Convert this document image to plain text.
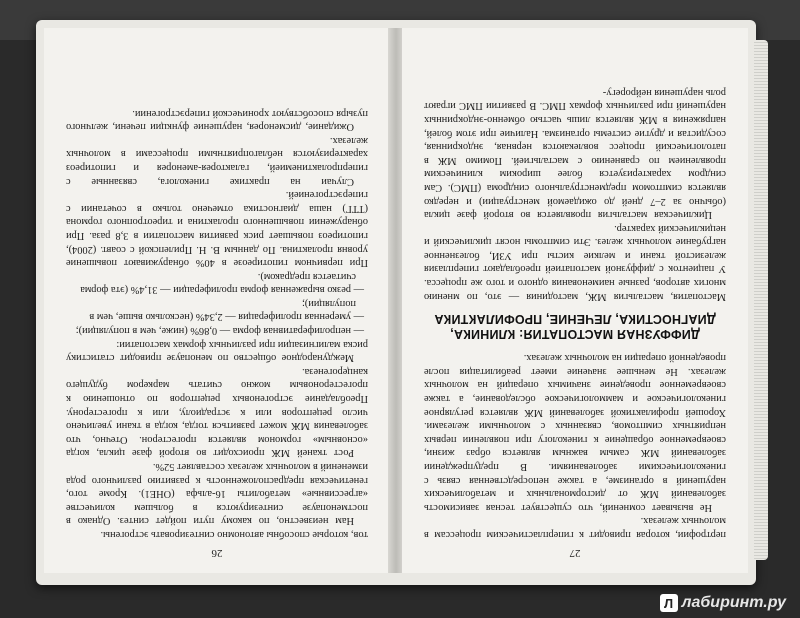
26

тов, которые способны автономно синтезировать эстрогены.

Нам неизвестно, по какому пути пойдет синтез. Однако в постменопаузе синтезируются в большем количестве «агрессивные» метаболиты 16-альфа (ОНЕ1). Кроме того, генетическая предрасположенность к развитию различного рода изменений в молочных железах составляет 52%.

Рост тканей МЖ происходит во второй фазе цикла, когда «основным» гормоном является прогестерон. Отечно, что заболевания МЖ может развиться тогда, когда в ткани увеличено число рецепторов или к эстрадиолу, или к прогестерону. Преобладание эстрогеновых рецепторов по отношению к прогестероновым можно считать маркером будущего канцерогенеза.

Международное общество по менопаузе приводит статистику риска малигнизации при различных формах мастопатии:

— непролиферативная форма — 0,86% (ниже, чем в популяции);

— умеренная пролиферация — 2,34% (несколько выше, чем в популяции);

— резко выраженная форма пролиферации — 31,4% (эта форма считается предраком).

При первичном гипотиреозе в 40% обнаруживают повышение уровня пролактина. По данным В. Н. Прилепской с соавт. (2004), гипотиреоз повышает риск развития мастопатии в 3,8 раза. При обнаружении повышенного пролактина и тиреотропного гормона (ТТГ) наша диагностика отмечено только в сочетании с гиперэстрогенией.

Случаи на практике гинеколога, связанные с гиперпролактинемией, галакторея-аменорея и гипотиреоз характеризуются неблагоприятными процессами в молочных железах.

Ожидание, дисменорея, нарушение функции печени, желчного пузыря способствуют хронической гиперэстрогении.

27

пертрофии, которая приводит к гиперпластическим процессам в молочных железах.

Не вызывает сомнений, что существует тесная зависимость заболеваний МЖ от дисгормональных и метаболических нарушений в организме, а также непосредственная связь с гинекологическими заболеваниями. В предупреждении заболеваний МЖ самым важным является образ жизни, своевременное обращение к гинекологу при появлении первых неприятных симптомов, связанных с молочными железами. Хорошей профилактикой заболеваний МЖ является регулярное гинекологическое и маммологическое обследование, а также своевременное проведение значимых операций на молочных железах. Не меньшее значение имеет реабилитация после проведенной операции на молочных железах.

ДИФФУЗНАЯ МАСТОПАТИЯ: КЛИНИКА, ДИАГНОСТИКА, ЛЕЧЕНИЕ, ПРОФИЛАКТИКА

Мастопатия, мастальгия МЖ, мастодиния — это, по мнению многих авторов, разные наименования одного и того же процесса. У пациенток с диффузной мастопатией преобладают гиперплазия железистой ткани и мелкие кисты при УЗИ, болезненное нагрубание молочных желез. Эти симптомы носят циклический и нециклический характер.

Циклическая мастальгия проявляется во второй фазе цикла (обычно за 2–7 дней до ожидаемой менструации) и нередко является симптомом предменструального синдрома (ПМС). Сам синдром характеризуется более широким клиническим проявлением по сравнению с мастальгией. Помимо МЖ в патологический процесс вовлекаются нервная, эндокринная, сосудистая и другие системы организма. Наличие при этом болей, напряжения в МЖ является лишь частью обменно-эндокринных нарушений при различных формах ПМС. В развитии ПМС играют роль нарушения нейрорегу-

Л лабиринт.ру
